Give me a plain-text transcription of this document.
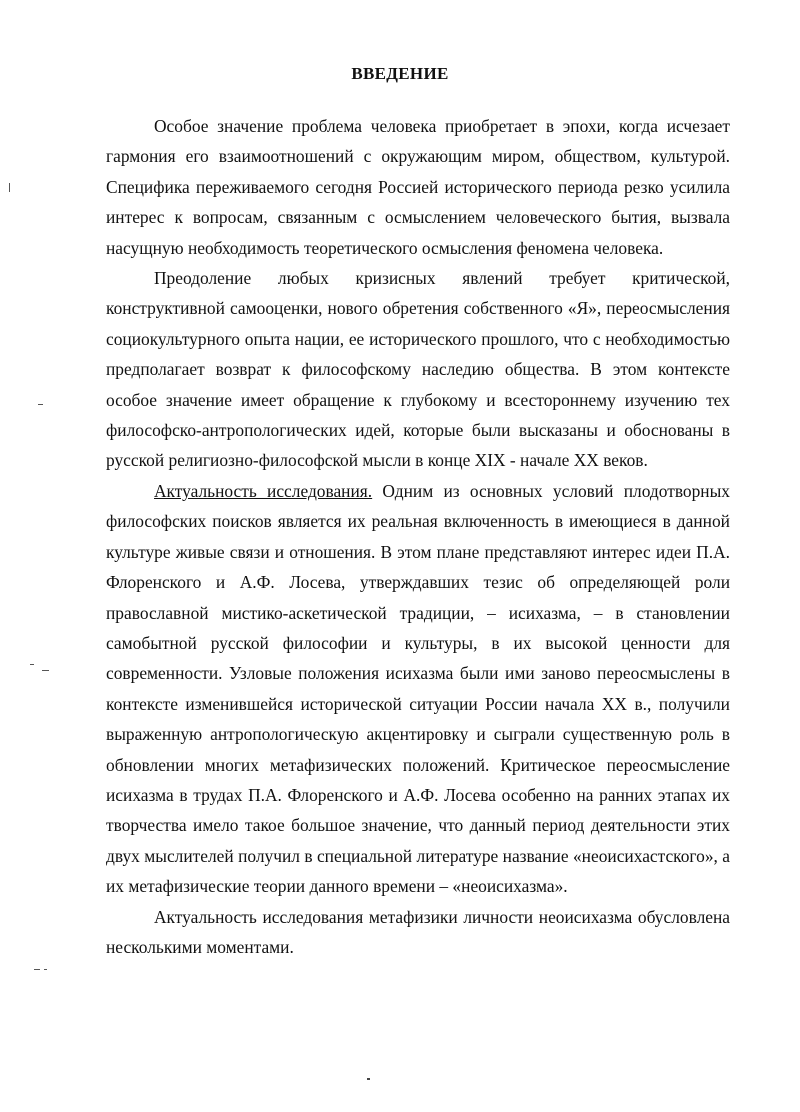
ВВЕДЕНИЕ

Особое значение проблема человека приобретает в эпохи, когда исчезает гармония его взаимоотношений с окружающим миром, обществом, культурой. Специфика переживаемого сегодня Россией исторического периода резко усилила интерес к вопросам, связанным с осмыслением человеческого бытия, вызвала насущную необходимость теоретического осмысления феномена человека.

Преодоление любых кризисных явлений требует критической, конструктивной самооценки, нового обретения собственного «Я», переосмысления социокультурного опыта нации, ее исторического прошлого, что с необходимостью предполагает возврат к философскому наследию общества. В этом контексте особое значение имеет обращение к глубокому и всестороннему изучению тех философско-антропологических идей, которые были высказаны и обоснованы в русской религиозно-философской мысли в конце XIX - начале XX веков.

Актуальность исследования. Одним из основных условий плодотворных философских поисков является их реальная включенность в имеющиеся в данной культуре живые связи и отношения. В этом плане представляют интерес идеи П.А. Флоренского и А.Ф. Лосева, утверждавших тезис об определяющей роли православной мистико-аскетической традиции, – исихазма, – в становлении самобытной русской философии и культуры, в их высокой ценности для современности. Узловые положения исихазма были ими заново переосмыслены в контексте изменившейся исторической ситуации России начала XX в., получили выраженную антропологическую акцентировку и сыграли существенную роль в обновлении многих метафизических положений. Критическое переосмысление исихазма в трудах П.А. Флоренского и А.Ф. Лосева особенно на ранних этапах их творчества имело такое большое значение, что данный период деятельности этих двух мыслителей получил в специальной литературе название «неоисихастского», а их метафизические теории данного времени – «неоисихазма».

Актуальность исследования метафизики личности неоисихазма обусловлена несколькими моментами.
